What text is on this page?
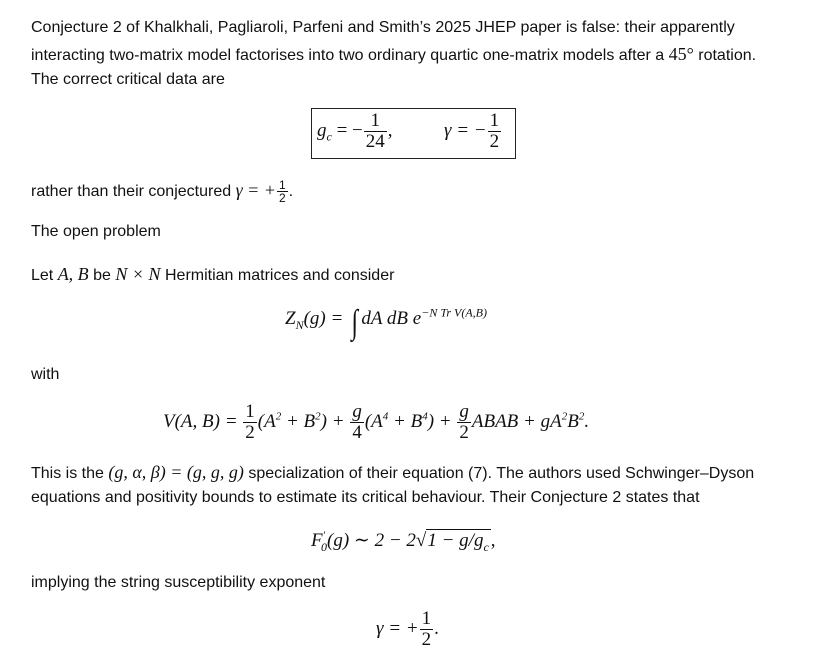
Conjecture 2 of Khalkhali, Pagliaroli, Parfeni and Smith’s 2025 JHEP paper is false: their apparently

interacting two-matrix model factorises into two ordinary quartic one-matrix models after a 45° rotation.

The correct critical data are

$g_c$ = − $\frac{1}{24}$ ,	γ = − $\frac{1}{2}$

rather than their conjectured γ = + $\frac{1}{2}$ .

The open problem

Let A, B be N × N Hermitian matrices and consider

$Z_N(g)$ = ∫ dA dB $e^{-N Tr V(A,B)}$

with

V(A, $B) = \frac{1}{2} (A^2 + B^2) + \frac{g}{4} (A^4 + B^4) + \frac{g}{2}$ ABAB + $gA^2B^2$.

This is the (g, α, β) = (g, g, g) specialization of their equation (7). The authors used Schwinger–Dyson

equations and positivity bounds to estimate its critical behaviour. Their Conjecture 2 states that

$F'_0(g)$ ∼ $2 - 2√1 - g/g_c$ ,

implying the string susceptibility exponent

γ = + $\frac{1}{2}$ .
